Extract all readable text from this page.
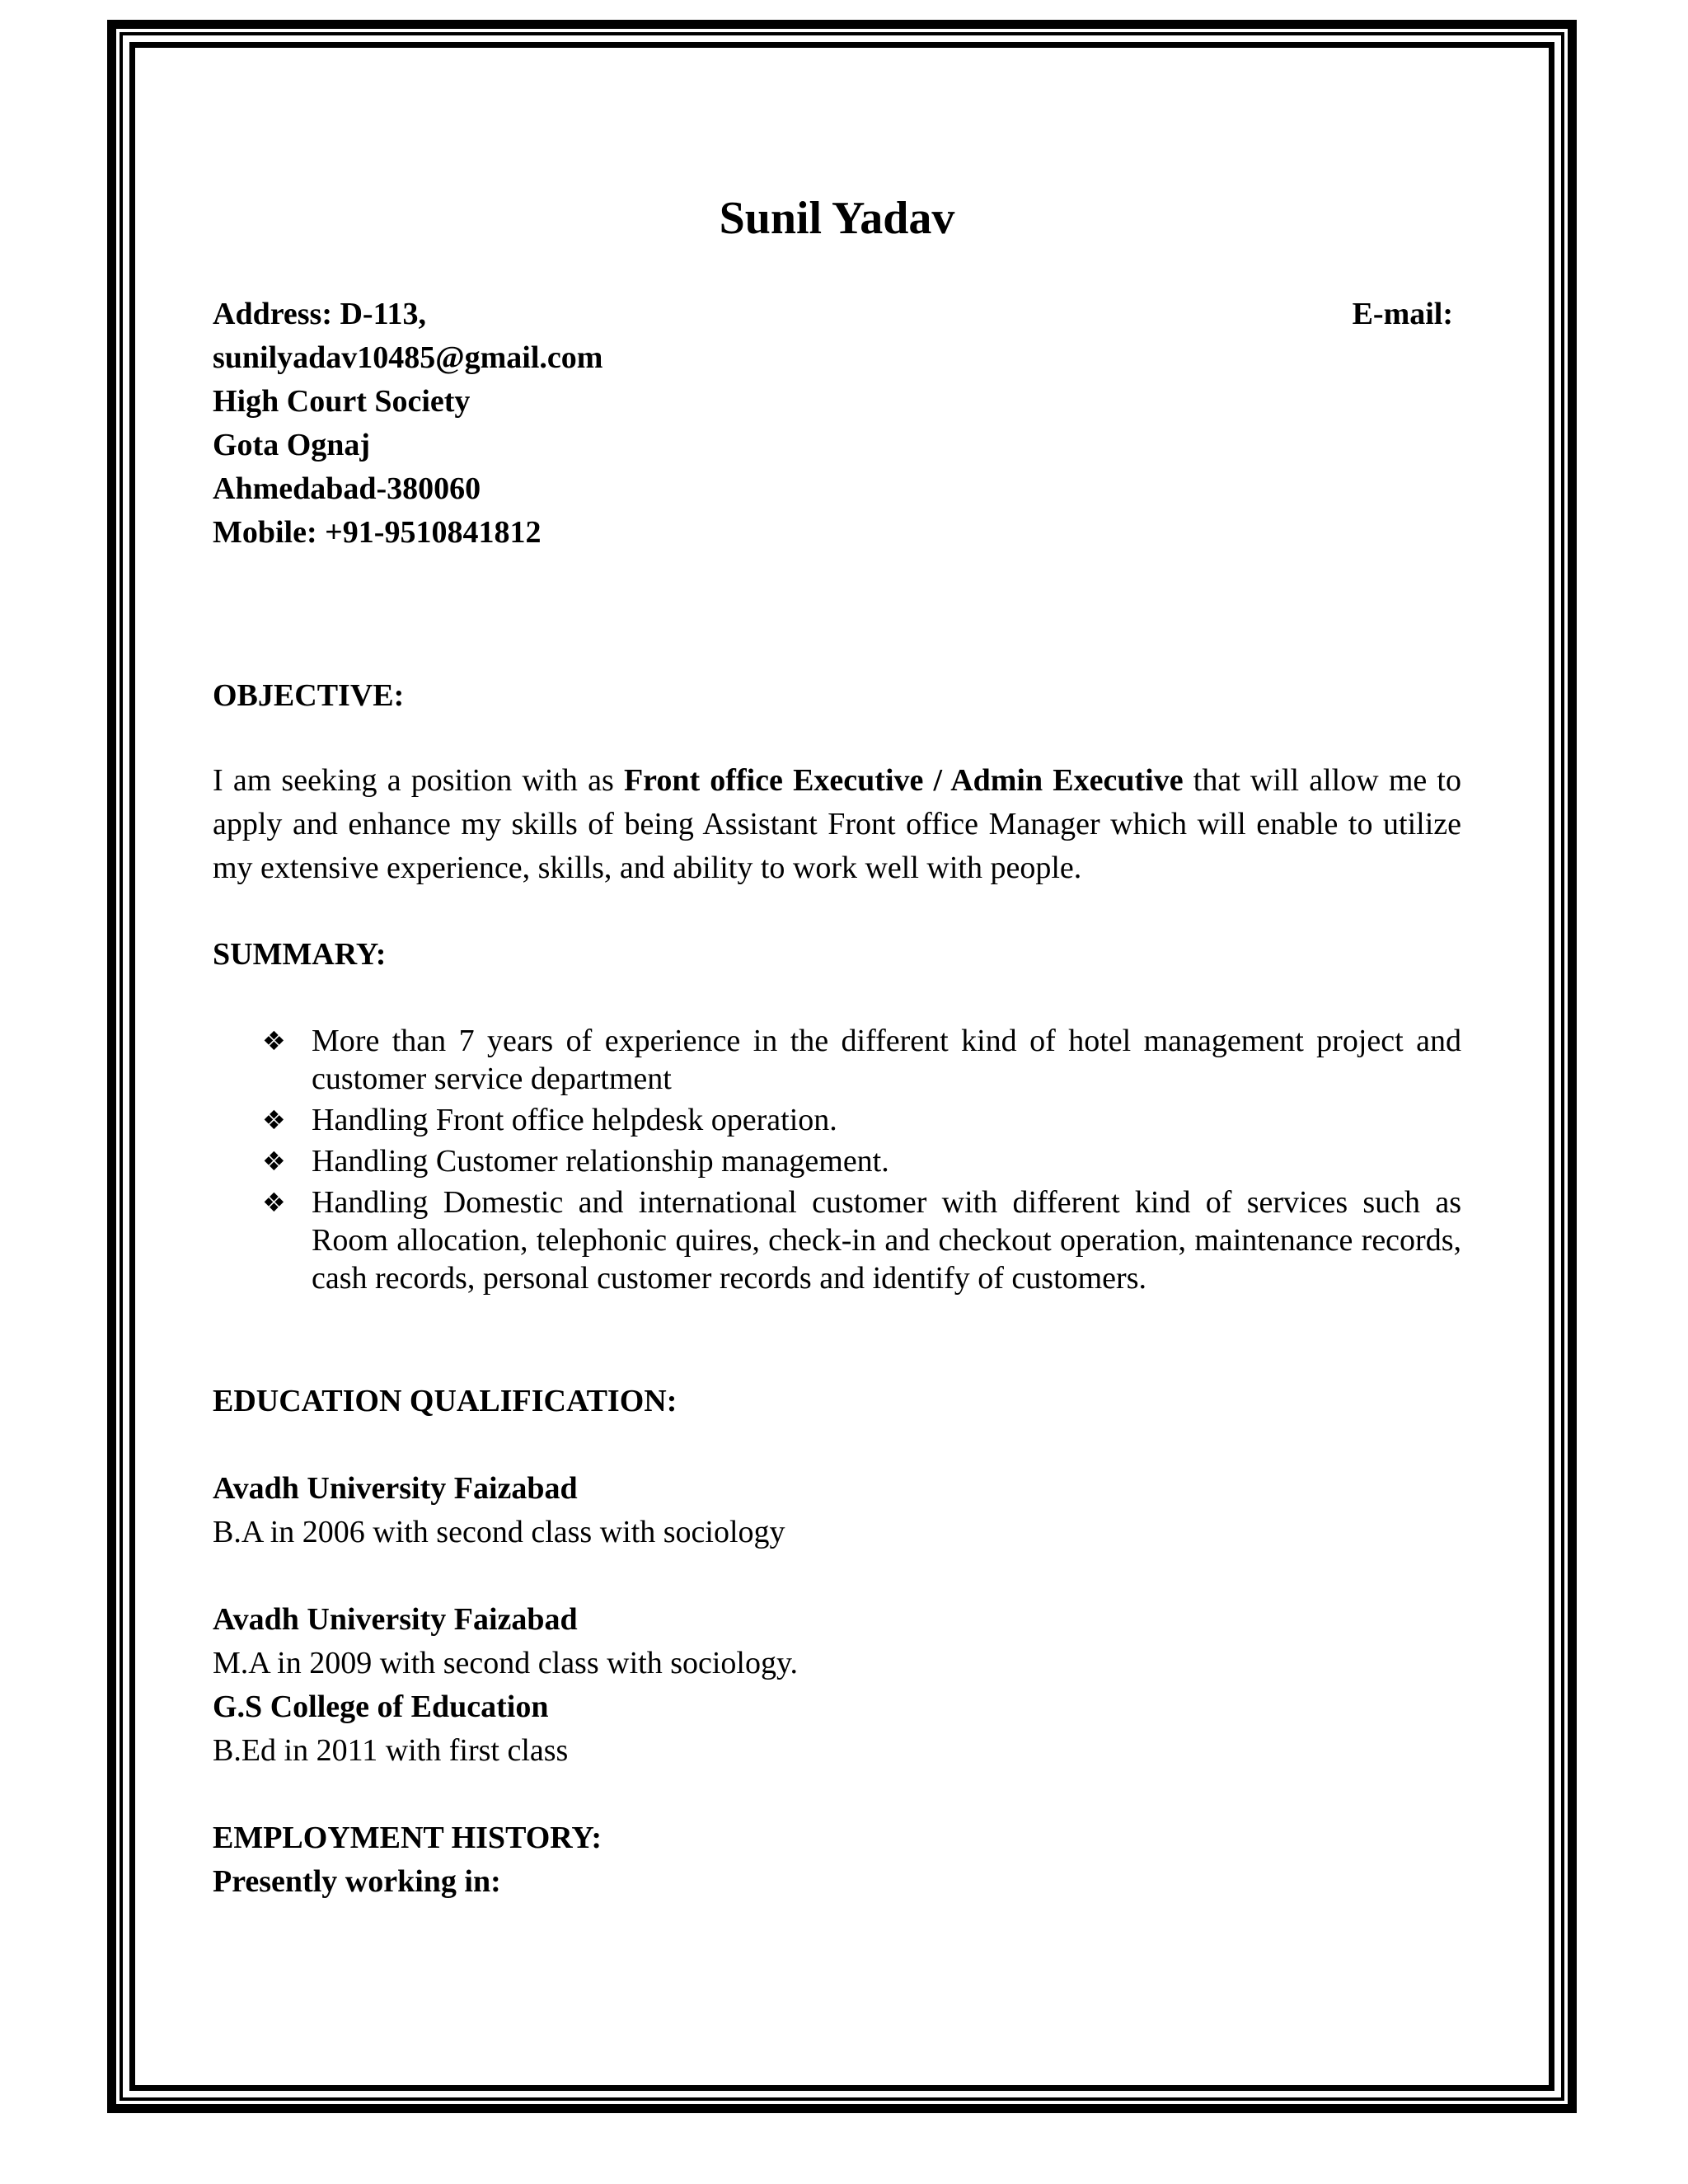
Sunil Yadav
Address: D-113,	E-mail:
sunilyadav10485@gmail.com
High Court Society
Gota Ognaj
Ahmedabad-380060
Mobile: +91-9510841812
OBJECTIVE:
I am seeking a position with as Front office Executive / Admin Executive that will allow me to apply and enhance my skills of being Assistant Front office Manager which will enable to utilize my extensive experience, skills, and ability to work well with people.
SUMMARY:
❖ More than 7 years of experience in the different kind of hotel management project and customer service department
❖ Handling Front office helpdesk operation.
❖ Handling Customer relationship management.
❖ Handling Domestic and international customer with different kind of services such as Room allocation, telephonic quires, check-in and checkout operation, maintenance records, cash records, personal customer records and identify of customers.
EDUCATION QUALIFICATION:
Avadh University Faizabad
B.A in 2006 with second class with sociology
Avadh University Faizabad
M.A in 2009 with second class with sociology.
G.S College of Education
B.Ed in 2011 with first class
EMPLOYMENT HISTORY:
Presently working in:
